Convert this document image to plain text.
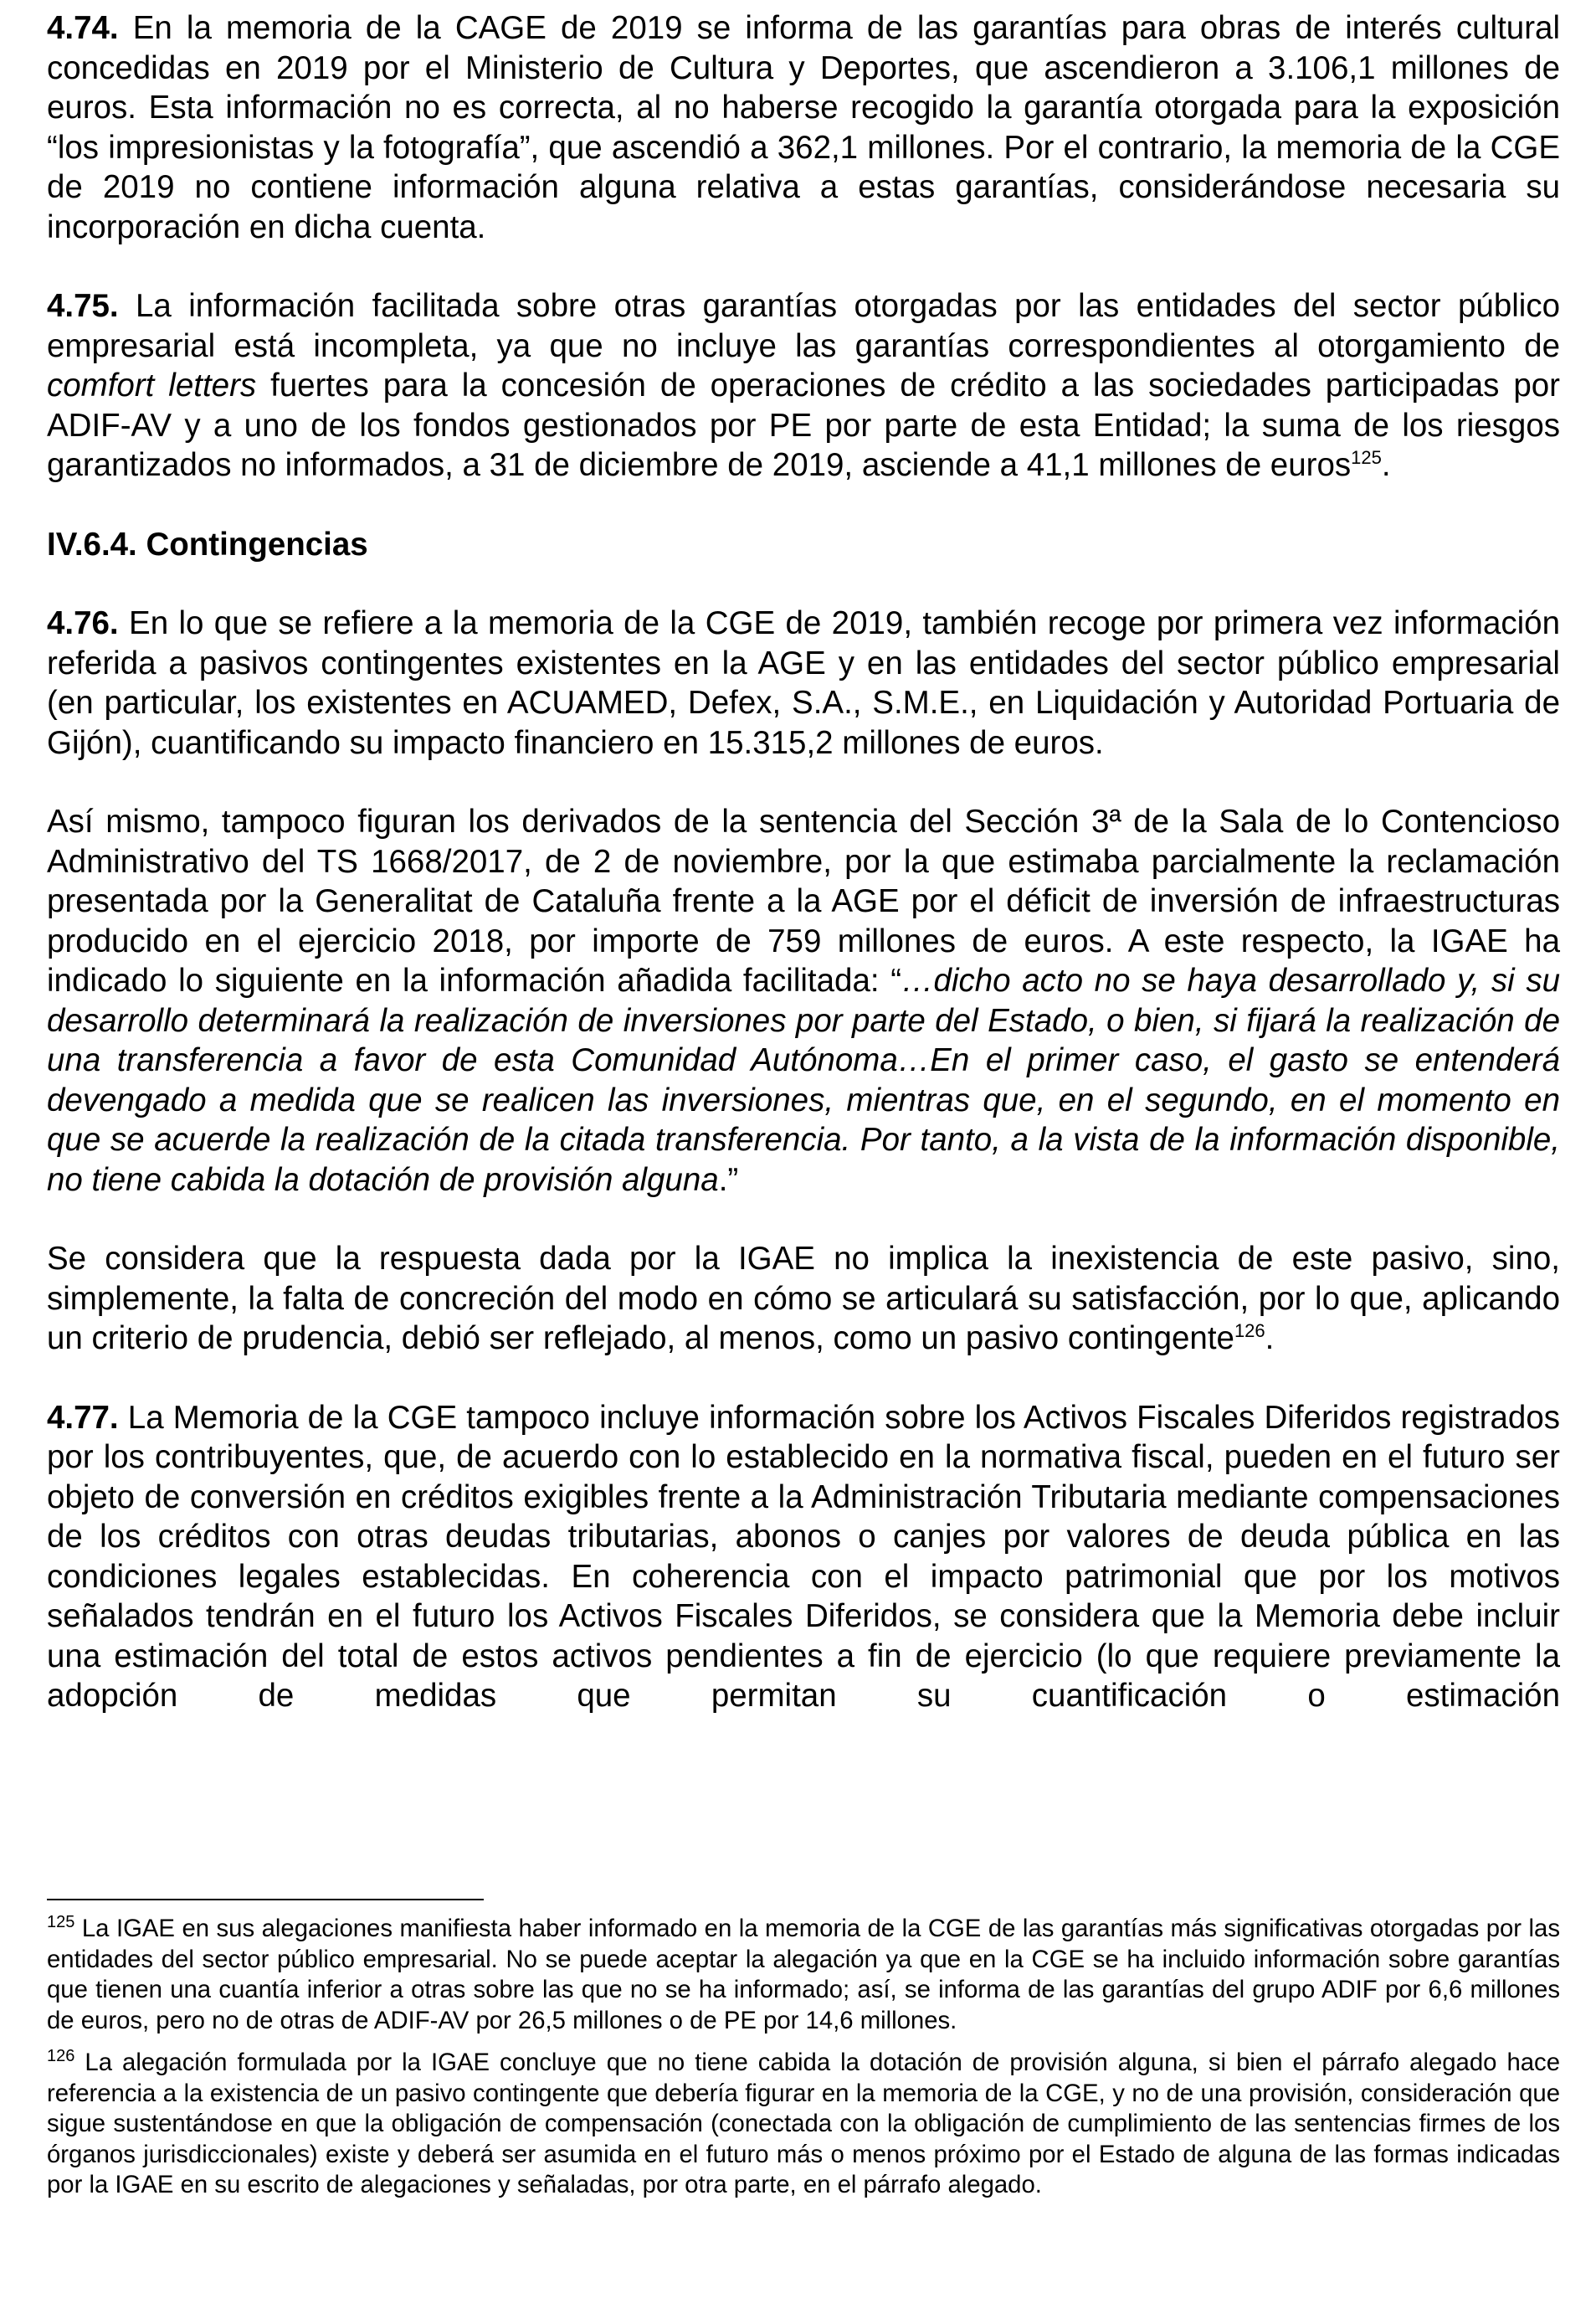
4.74. En la memoria de la CAGE de 2019 se informa de las garantías para obras de interés cultural concedidas en 2019 por el Ministerio de Cultura y Deportes, que ascendieron a 3.106,1 millones de euros. Esta información no es correcta, al no haberse recogido la garantía otorgada para la exposición “los impresionistas y la fotografía”, que ascendió a 362,1 millones. Por el contrario, la memoria de la CGE de 2019 no contiene información alguna relativa a estas garantías, considerándose necesaria su incorporación en dicha cuenta.

4.75. La información facilitada sobre otras garantías otorgadas por las entidades del sector público empresarial está incompleta, ya que no incluye las garantías correspondientes al otorgamiento de comfort letters fuertes para la concesión de operaciones de crédito a las sociedades participadas por ADIF-AV y a uno de los fondos gestionados por PE por parte de esta Entidad; la suma de los riesgos garantizados no informados, a 31 de diciembre de 2019, asciende a 41,1 millones de euros$^{125}$.

IV.6.4. Contingencias

4.76. En lo que se refiere a la memoria de la CGE de 2019, también recoge por primera vez información referida a pasivos contingentes existentes en la AGE y en las entidades del sector público empresarial (en particular, los existentes en ACUAMED, Defex, S.A., S.M.E., en Liquidación y Autoridad Portuaria de Gijón), cuantificando su impacto financiero en 15.315,2 millones de euros.

Así mismo, tampoco figuran los derivados de la sentencia del Sección 3ª de la Sala de lo Contencioso Administrativo del TS 1668/2017, de 2 de noviembre, por la que estimaba parcialmente la reclamación presentada por la Generalitat de Cataluña frente a la AGE por el déficit de inversión de infraestructuras producido en el ejercicio 2018, por importe de 759 millones de euros. A este respecto, la IGAE ha indicado lo siguiente en la información añadida facilitada: “…dicho acto no se haya desarrollado y, si su desarrollo determinará la realización de inversiones por parte del Estado, o bien, si fijará la realización de una transferencia a favor de esta Comunidad Autónoma…En el primer caso, el gasto se entenderá devengado a medida que se realicen las inversiones, mientras que, en el segundo, en el momento en que se acuerde la realización de la citada transferencia. Por tanto, a la vista de la información disponible, no tiene cabida la dotación de provisión alguna.”

Se considera que la respuesta dada por la IGAE no implica la inexistencia de este pasivo, sino, simplemente, la falta de concreción del modo en cómo se articulará su satisfacción, por lo que, aplicando un criterio de prudencia, debió ser reflejado, al menos, como un pasivo contingente$^{126}$.

4.77. La Memoria de la CGE tampoco incluye información sobre los Activos Fiscales Diferidos registrados por los contribuyentes, que, de acuerdo con lo establecido en la normativa fiscal, pueden en el futuro ser objeto de conversión en créditos exigibles frente a la Administración Tributaria mediante compensaciones de los créditos con otras deudas tributarias, abonos o canjes por valores de deuda pública en las condiciones legales establecidas. En coherencia con el impacto patrimonial que por los motivos señalados tendrán en el futuro los Activos Fiscales Diferidos, se considera que la Memoria debe incluir una estimación del total de estos activos pendientes a fin de ejercicio (lo que requiere previamente la adopción de medidas que permitan su cuantificación o estimación

$^{125}$ La IGAE en sus alegaciones manifiesta haber informado en la memoria de la CGE de las garantías más significativas otorgadas por las entidades del sector público empresarial. No se puede aceptar la alegación ya que en la CGE se ha incluido información sobre garantías que tienen una cuantía inferior a otras sobre las que no se ha informado; así, se informa de las garantías del grupo ADIF por 6,6 millones de euros, pero no de otras de ADIF-AV por 26,5 millones o de PE por 14,6 millones.

$^{126}$ La alegación formulada por la IGAE concluye que no tiene cabida la dotación de provisión alguna, si bien el párrafo alegado hace referencia a la existencia de un pasivo contingente que debería figurar en la memoria de la CGE, y no de una provisión, consideración que sigue sustentándose en que la obligación de compensación (conectada con la obligación de cumplimiento de las sentencias firmes de los órganos jurisdiccionales) existe y deberá ser asumida en el futuro más o menos próximo por el Estado de alguna de las formas indicadas por la IGAE en su escrito de alegaciones y señaladas, por otra parte, en el párrafo alegado.
